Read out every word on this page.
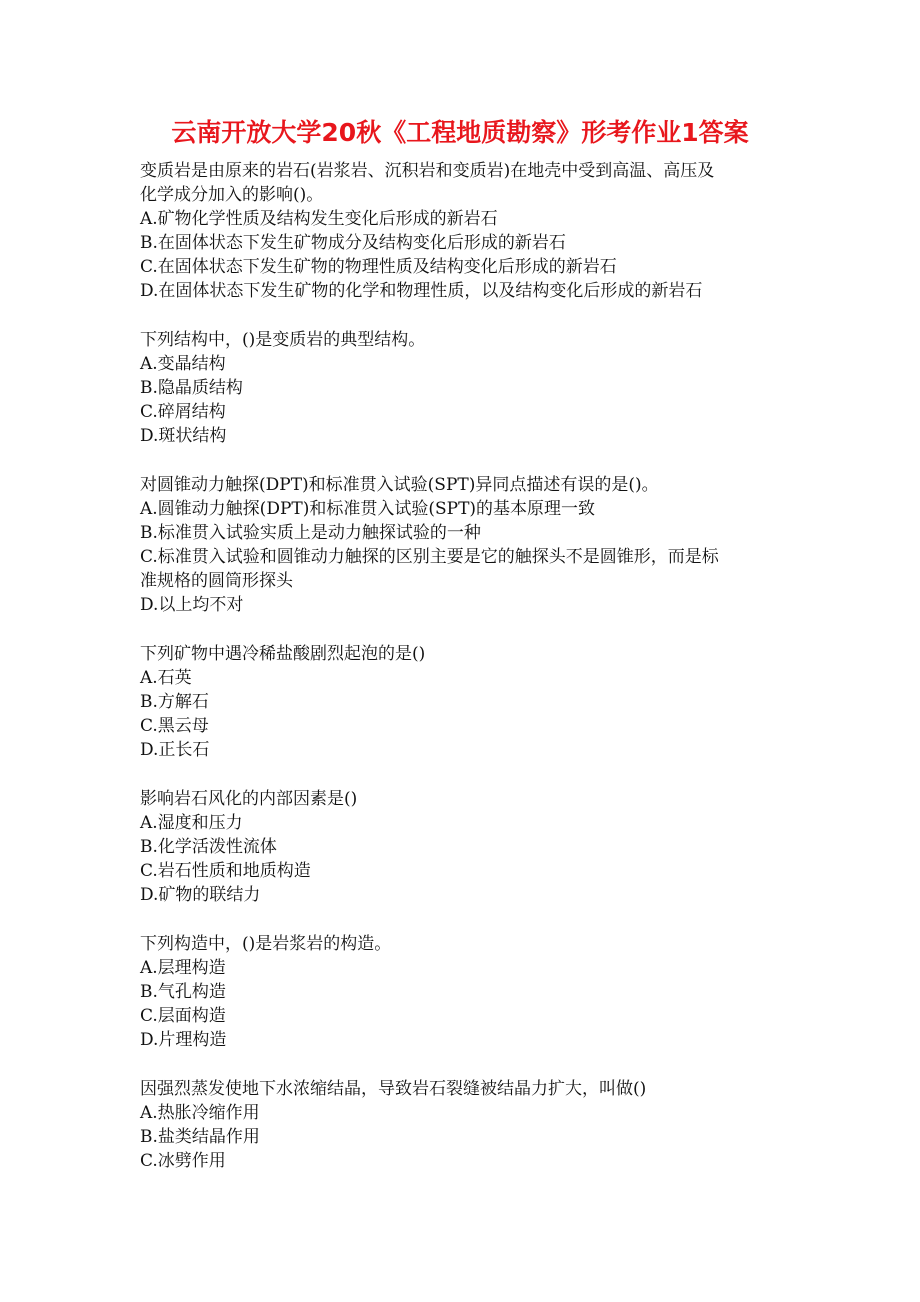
云南开放大学20秋《工程地质勘察》形考作业1答案
变质岩是由原来的岩石(岩浆岩、沉积岩和变质岩)在地壳中受到高温、高压及
化学成分加入的影响()。
A.矿物化学性质及结构发生变化后形成的新岩石
B.在固体状态下发生矿物成分及结构变化后形成的新岩石
C.在固体状态下发生矿物的物理性质及结构变化后形成的新岩石
D.在固体状态下发生矿物的化学和物理性质，以及结构变化后形成的新岩石
下列结构中，()是变质岩的典型结构。
A.变晶结构
B.隐晶质结构
C.碎屑结构
D.斑状结构
对圆锥动力触探(DPT)和标准贯入试验(SPT)异同点描述有误的是()。
A.圆锥动力触探(DPT)和标准贯入试验(SPT)的基本原理一致
B.标准贯入试验实质上是动力触探试验的一种
C.标准贯入试验和圆锥动力触探的区别主要是它的触探头不是圆锥形，而是标
准规格的圆筒形探头
D.以上均不对
下列矿物中遇冷稀盐酸剧烈起泡的是()
A.石英
B.方解石
C.黑云母
D.正长石
影响岩石风化的内部因素是()
A.湿度和压力
B.化学活泼性流体
C.岩石性质和地质构造
D.矿物的联结力
下列构造中，()是岩浆岩的构造。
A.层理构造
B.气孔构造
C.层面构造
D.片理构造
因强烈蒸发使地下水浓缩结晶，导致岩石裂缝被结晶力扩大，叫做()
A.热胀冷缩作用
B.盐类结晶作用
C.冰劈作用
